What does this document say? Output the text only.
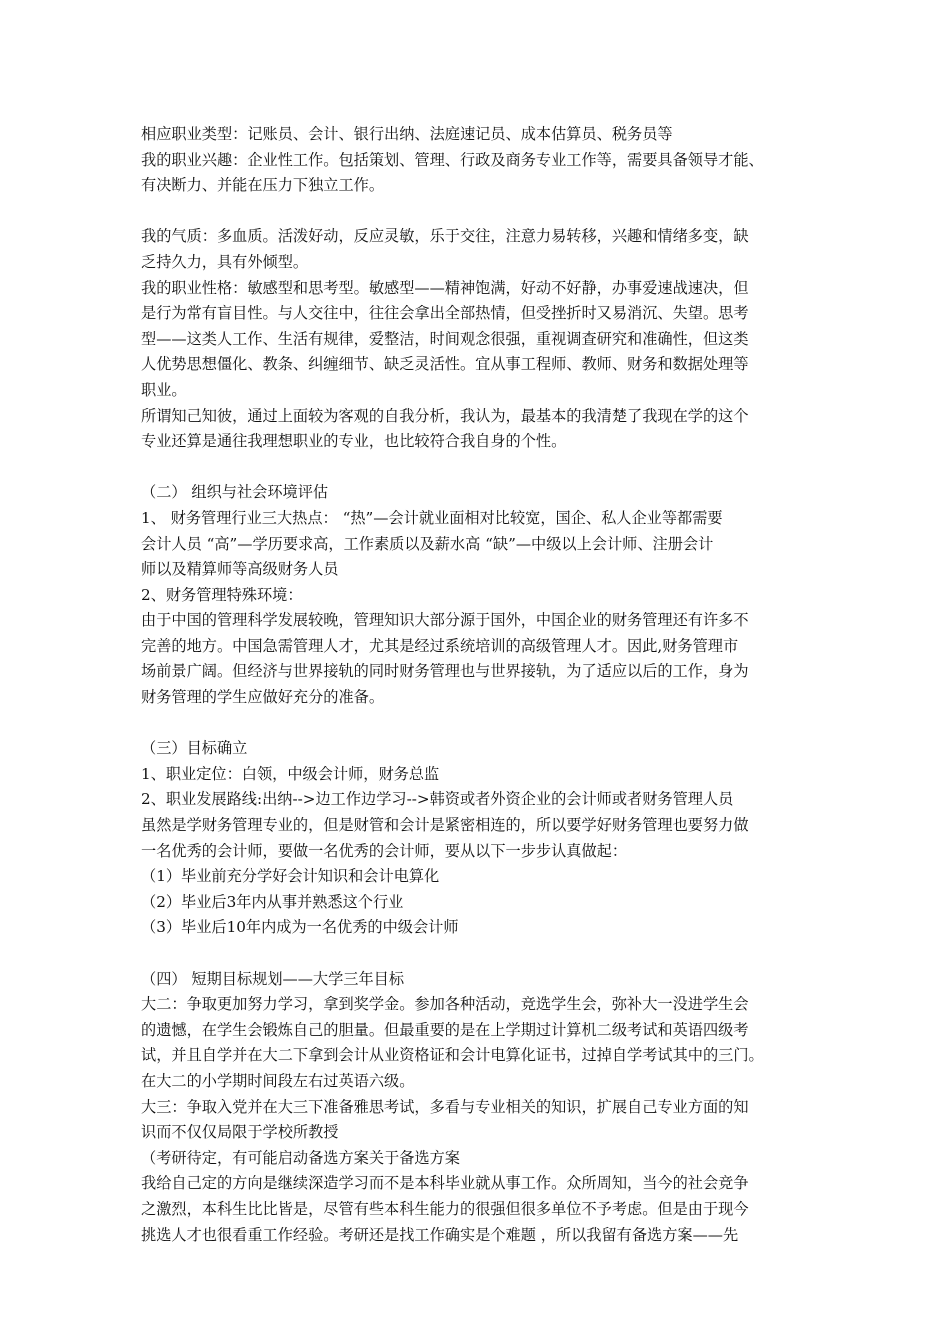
相应职业类型：记账员、会计、银行出纳、法庭速记员、成本估算员、税务员等
我的职业兴趣：企业性工作。包括策划、管理、行政及商务专业工作等，需要具备领导才能、
有决断力、并能在压力下独立工作。
我的气质：多血质。活泼好动，反应灵敏，乐于交往，注意力易转移，兴趣和情绪多变，缺
乏持久力，具有外倾型。
我的职业性格：敏感型和思考型。敏感型——精神饱满，好动不好静，办事爱速战速决，但
是行为常有盲目性。与人交往中，往往会拿出全部热情，但受挫折时又易消沉、失望。思考
型——这类人工作、生活有规律，爱整洁，时间观念很强，重视调查研究和准确性，但这类
人优势思想僵化、教条、纠缠细节、缺乏灵活性。宜从事工程师、教师、财务和数据处理等
职业。
所谓知己知彼，通过上面较为客观的自我分析，我认为，最基本的我清楚了我现在学的这个
专业还算是通往我理想职业的专业，也比较符合我自身的个性。
（二） 组织与社会环境评估
1、 财务管理行业三大热点： “热”—会计就业面相对比较宽，国企、私人企业等都需要
会计人员 “高”—学历要求高，工作素质以及薪水高 “缺”—中级以上会计师、注册会计
师以及精算师等高级财务人员
2、财务管理特殊环境：
由于中国的管理科学发展较晚，管理知识大部分源于国外，中国企业的财务管理还有许多不
完善的地方。中国急需管理人才，尤其是经过系统培训的高级管理人才。因此,财务管理市
场前景广阔。但经济与世界接轨的同时财务管理也与世界接轨，为了适应以后的工作，身为
财务管理的学生应做好充分的准备。
（三）目标确立
1、职业定位：白领，中级会计师，财务总监
2、职业发展路线:出纳-->边工作边学习-->韩资或者外资企业的会计师或者财务管理人员
虽然是学财务管理专业的，但是财管和会计是紧密相连的，所以要学好财务管理也要努力做
一名优秀的会计师，要做一名优秀的会计师，要从以下一步步认真做起：
（1）毕业前充分学好会计知识和会计电算化
（2）毕业后3年内从事并熟悉这个行业
（3）毕业后10年内成为一名优秀的中级会计师
（四） 短期目标规划——大学三年目标
大二：争取更加努力学习，拿到奖学金。参加各种活动，竞选学生会，弥补大一没进学生会
的遗憾，在学生会锻炼自己的胆量。但最重要的是在上学期过计算机二级考试和英语四级考
试，并且自学并在大二下拿到会计从业资格证和会计电算化证书，过掉自学考试其中的三门。
在大二的小学期时间段左右过英语六级。
大三：争取入党并在大三下准备雅思考试，多看与专业相关的知识，扩展自己专业方面的知
识而不仅仅局限于学校所教授
（考研待定，有可能启动备选方案关于备选方案
我给自己定的方向是继续深造学习而不是本科毕业就从事工作。众所周知，当今的社会竞争
之激烈，本科生比比皆是，尽管有些本科生能力的很强但很多单位不予考虑。但是由于现今
挑选人才也很看重工作经验。考研还是找工作确实是个难题 ，所以我留有备选方案——先
